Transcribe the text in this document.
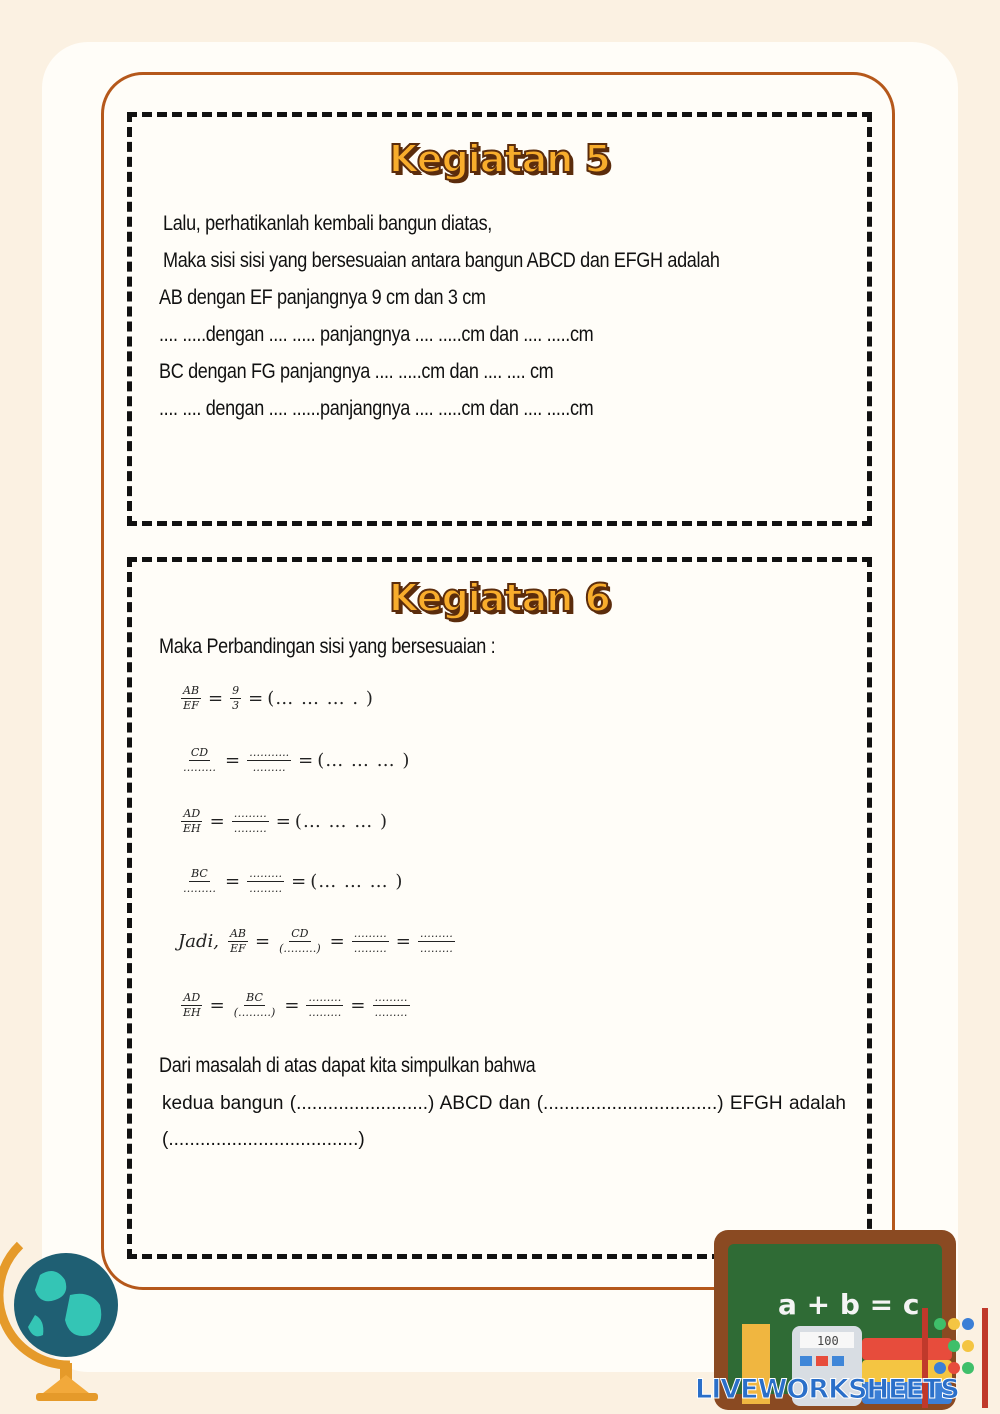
Kegiatan 5
Lalu, perhatikanlah kembali bangun diatas,
Maka sisi sisi yang bersesuaian antara bangun ABCD dan EFGH adalah
AB dengan EF panjangnya 9 cm dan 3 cm
.... .....dengan .... ..... panjangnya .... .....cm dan .... .....cm
BC dengan FG panjangnya .... .....cm dan .... .... cm
.... .... dengan .... ......panjangnya .... .....cm dan .... .....cm
Kegiatan 6
Maka Perbandingan sisi yang bersesuaian :
$\frac{AB}{EF} = \frac{9}{3}$ = (… … … . )
$\frac{CD}{\dots\dots\dots} = \frac{\dots\dots\dots..}{\dots\dots\dots}$ = (… … … )
$\frac{AD}{EH} = \frac{\dots\dots\dots}{\dots\dots\dots}$ = (… … … )
$\frac{BC}{\dots\dots\dots} = \frac{\dots\dots\dots}{\dots\dots\dots}$ = (… … … )
Jadi, $\frac{AB}{EF} = \frac{CD}{(\dots\dots\dots)} = \frac{\dots\dots\dots}{\dots\dots\dots} = \frac{\dots\dots\dots}{\dots\dots\dots}$
$\frac{AD}{EH} = \frac{BC}{(\dots\dots\dots)} = \frac{\dots\dots\dots}{\dots\dots\dots} = \frac{\dots\dots\dots}{\dots\dots\dots}$
Dari masalah di atas dapat kita simpulkan bahwa
kedua bangun (.........................) ABCD dan (.................................) EFGH adalah (....................................)
a + b = c
100
LIVEWORKSHEETS
